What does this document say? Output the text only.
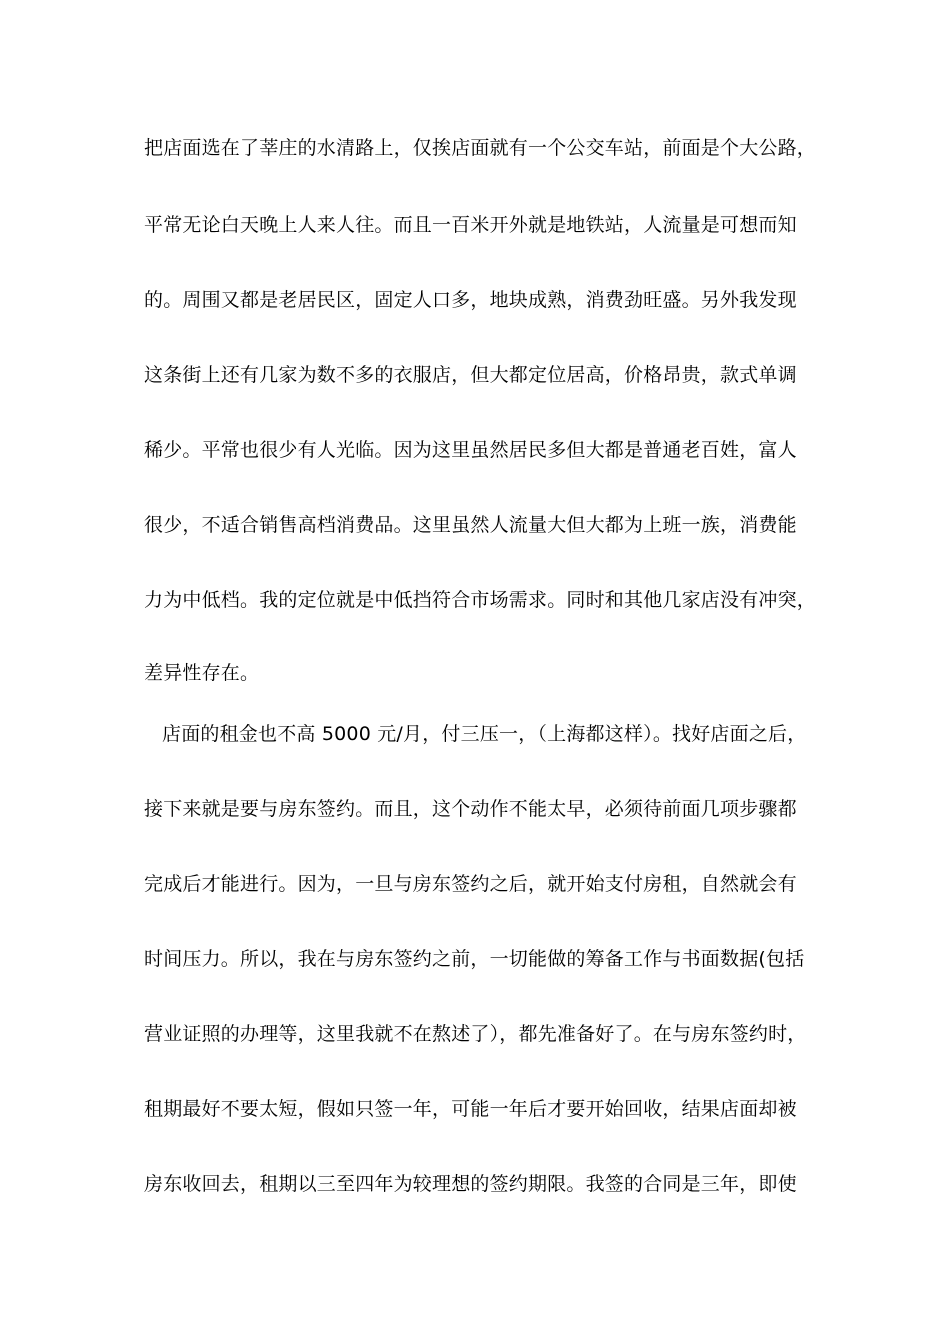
把店面选在了莘庄的水清路上，仅挨店面就有一个公交车站，前面是个大公路，
平常无论白天晚上人来人往。而且一百米开外就是地铁站，人流量是可想而知
的。周围又都是老居民区，固定人口多，地块成熟，消费劲旺盛。另外我发现
这条街上还有几家为数不多的衣服店，但大都定位居高，价格昂贵，款式单调
稀少。平常也很少有人光临。因为这里虽然居民多但大都是普通老百姓，富人
很少，不适合销售高档消费品。这里虽然人流量大但大都为上班一族，消费能
力为中低档。我的定位就是中低挡符合市场需求。同时和其他几家店没有冲突，
差异性存在。
店面的租金也不高 5000 元/月，付三压一，（上海都这样）。找好店面之后，
接下来就是要与房东签约。而且，这个动作不能太早，必须待前面几项步骤都
完成后才能进行。因为，一旦与房东签约之后，就开始支付房租，自然就会有
时间压力。所以，我在与房东签约之前，一切能做的筹备工作与书面数据(包括
营业证照的办理等，这里我就不在熬述了），都先准备好了。在与房东签约时，
租期最好不要太短，假如只签一年，可能一年后才要开始回收，结果店面却被
房东收回去，租期以三至四年为较理想的签约期限。我签的合同是三年，即使
